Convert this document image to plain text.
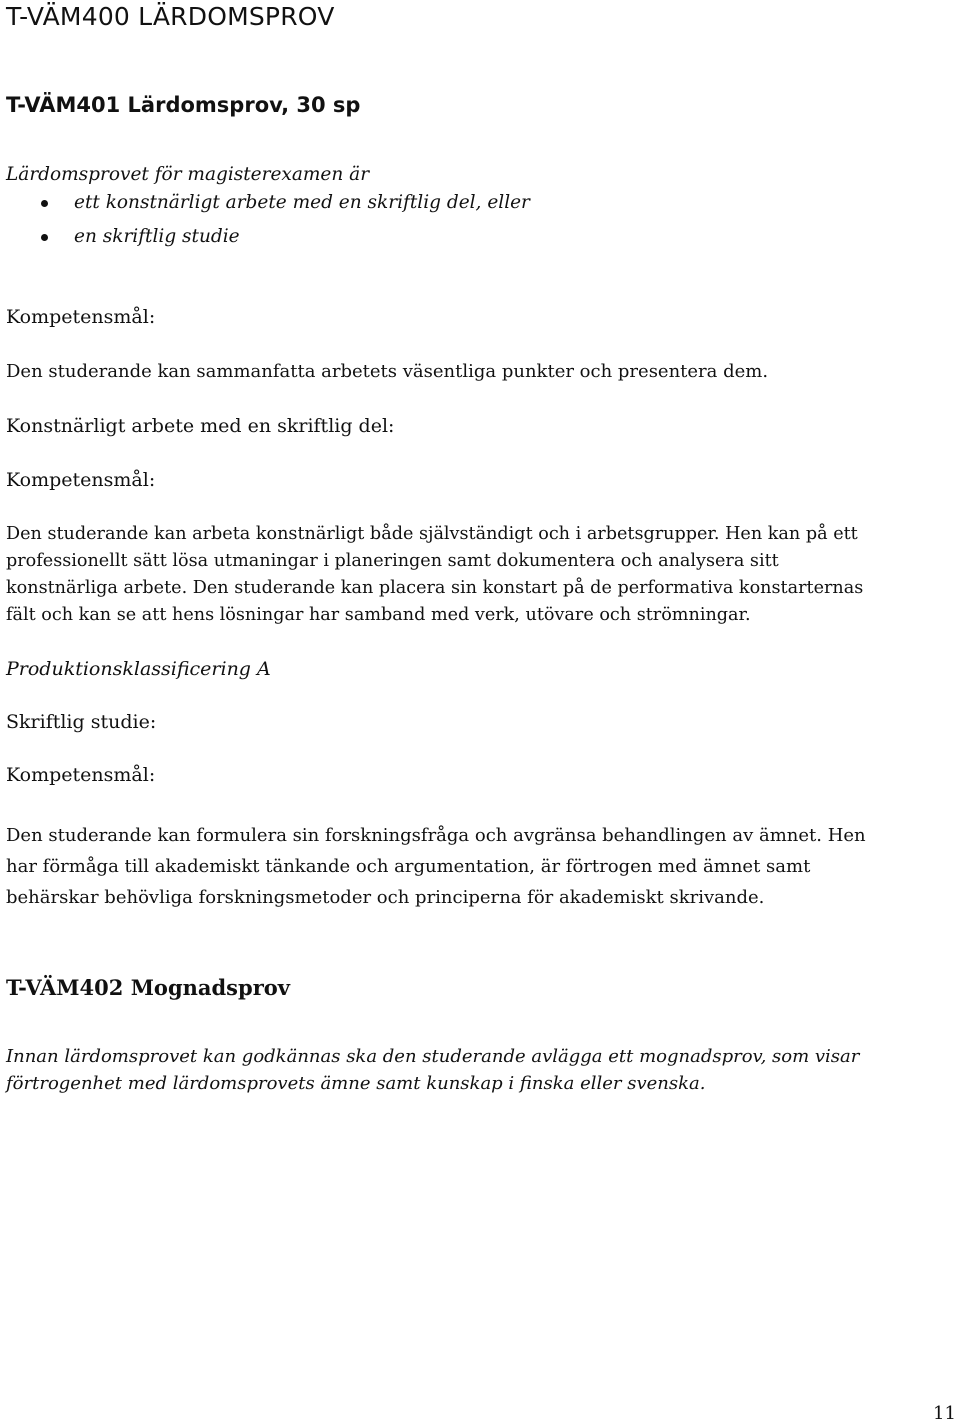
T-VÄM400 LÄRDOMSPROV
T-VÄM401 Lärdomsprov, 30 sp
Lärdomsprovet för magisterexamen är
ett konstnärligt arbete med en skriftlig del, eller
en skriftlig studie
Kompetensmål:
Den studerande kan sammanfatta arbetets väsentliga punkter och presentera dem.
Konstnärligt arbete med en skriftlig del:
Kompetensmål:
Den studerande kan arbeta konstnärligt både självständigt och i arbetsgrupper. Hen kan på ett
professionellt sätt lösa utmaningar i planeringen samt dokumentera och analysera sitt
konstnärliga arbete. Den studerande kan placera sin konstart på de performativa konstarternas
fält och kan se att hens lösningar har samband med verk, utövare och strömningar.
Produktionsklassificering A
Skriftlig studie:
Kompetensmål:
Den studerande kan formulera sin forskningsfråga och avgränsa behandlingen av ämnet. Hen
har förmåga till akademiskt tänkande och argumentation, är förtrogen med ämnet samt
behärskar behövliga forskningsmetoder och principerna för akademiskt skrivande.
T-VÄM402 Mognadsprov
Innan lärdomsprovet kan godkännas ska den studerande avlägga ett mognadsprov, som visar
förtrogenhet med lärdomsprovets ämne samt kunskap i finska eller svenska.
11
